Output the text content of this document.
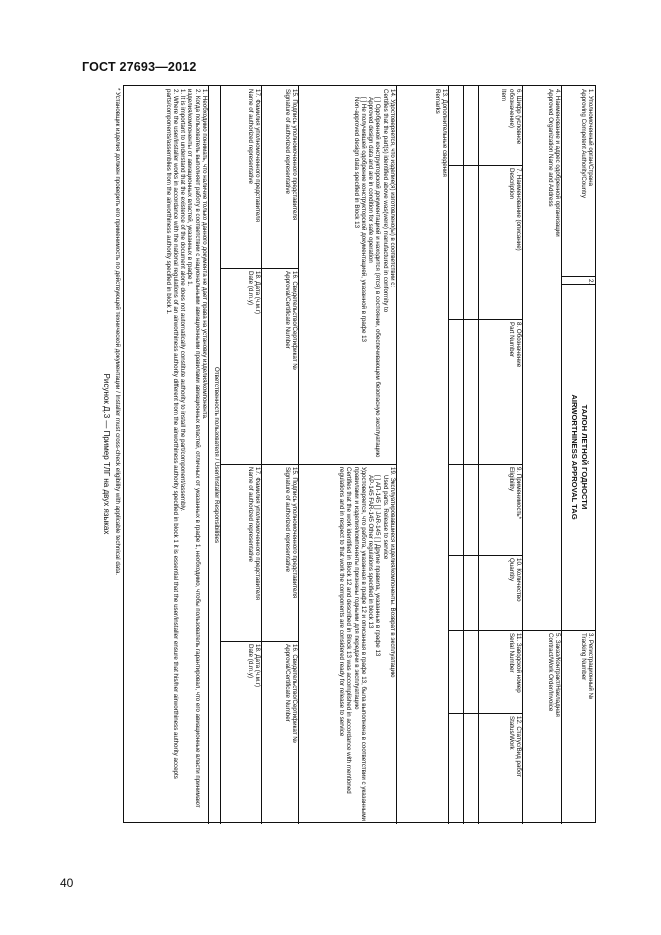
ГОСТ 27693—2012
40
1. Уполномоченный орган/Страна
Approving Competent Authority/Country
2.
ТАЛОН ЛЕТНОЙ ГОДНОСТИ
AIRWORTHINESS APPROVAL TAG
3. Регистрационный №
Tracking Number
4. Наименование и адрес одобренной организации
Approved Organization Name and Address
5. Заказ/Контракт/Накладная
Contract/Work Order/Invoice
6. Шифр (условное обозначение)
Item
7. Наименование (описание)
Description
8. Обозначение
Part Number
9. Применимость*
Eligibility
10. Количество
Quantity
11. Заводской номер
Serial Number
12. Статус/Вид работ
Status/Work
13. Дополнительные сведения
Remarks
14. Удостоверяется, что изделие(я) изготовлено(ы) в соответствии с:
Certifies that the part(s) identified above was(were) manufactured in conformity to
[ ] Одобренной конструкторской документацией и находится (ятся) в состоянии, обеспечивающем безопасную эксплуатацию
Approved design data and are in condition for safe operation
[ ] Не получившей одобрение конструкторской документацией, указанной в графе 13
Non-approved design data specified in Block 13
19. Эксплуатировавшиеся изделия/компоненты. Возврат в эксплуатацию
Used parts. Release to service
[ ] АП-145 [ ] JAR-145 [ ] Другие правила, указанные в графе 13
AP-145 FAR-145 Other regulations specified in block 13
Удостоверяется, что работа, указанная в графе 12 и описанная в графе 13, была выполнена в соответствии с указанными правилами и изделия/компоненты признаны годными для передачи в эксплуатацию
Certifies that the work identified in Block 12 and described in Block 13 was accomplished in accordance with mentioned regulations and in respect to that work the components are considered ready for release to service
15. Подпись уполномоченного представителя
Signature of authorized representative
16. Свидетельство/Сертификат №
Approval/Certificate Number
15. Подпись уполномоченного представителя
Signature of authorized representative
16. Свидетельство/Сертификат №
Approval/Certificate Number
17. Фамилия уполномоченного представителя
Name of authorized representative
18. Дата (ч.м.г)
Date (d.m.y)
17. Фамилия уполномоченного представителя
Name of authorized representative
18. Дата (ч.м.г)
Date (d.m.y)
Ответственность пользователя / User/Installer Responsibilities
1. Необходимо понимать, что наличие только данного документа не дает права на установку изделия/компонента.
2. Когда пользователь выполняет работу в соответствии с национальными авиационными правилами авиационных властей, отличных от указанных в графе 1, необходимо, чтобы пользователь гарантировал, что его авиационные власти принимают изделия/компоненты от авиационных властей, указанных в графе 1.
1. It is important to understand that the existence of the document alone does not automatically constitute authority to install the part/component/assembly.
2. Where the user/installer works in accordance with the national regulations of an airworthiness authority different from the airworthiness authority specified in block 1 it is essential that the user/installer ensure that his/her airworthiness authority accepts parts/components/assemblies from the airworthiness authority specified in block 1.
* Установщик изделия должен проверить его применимость по действующей технической документации / Installer must cross-check eligibility with applicable technical data.
Рисунок Д.3 — Пример ТЛГ на двух языках
